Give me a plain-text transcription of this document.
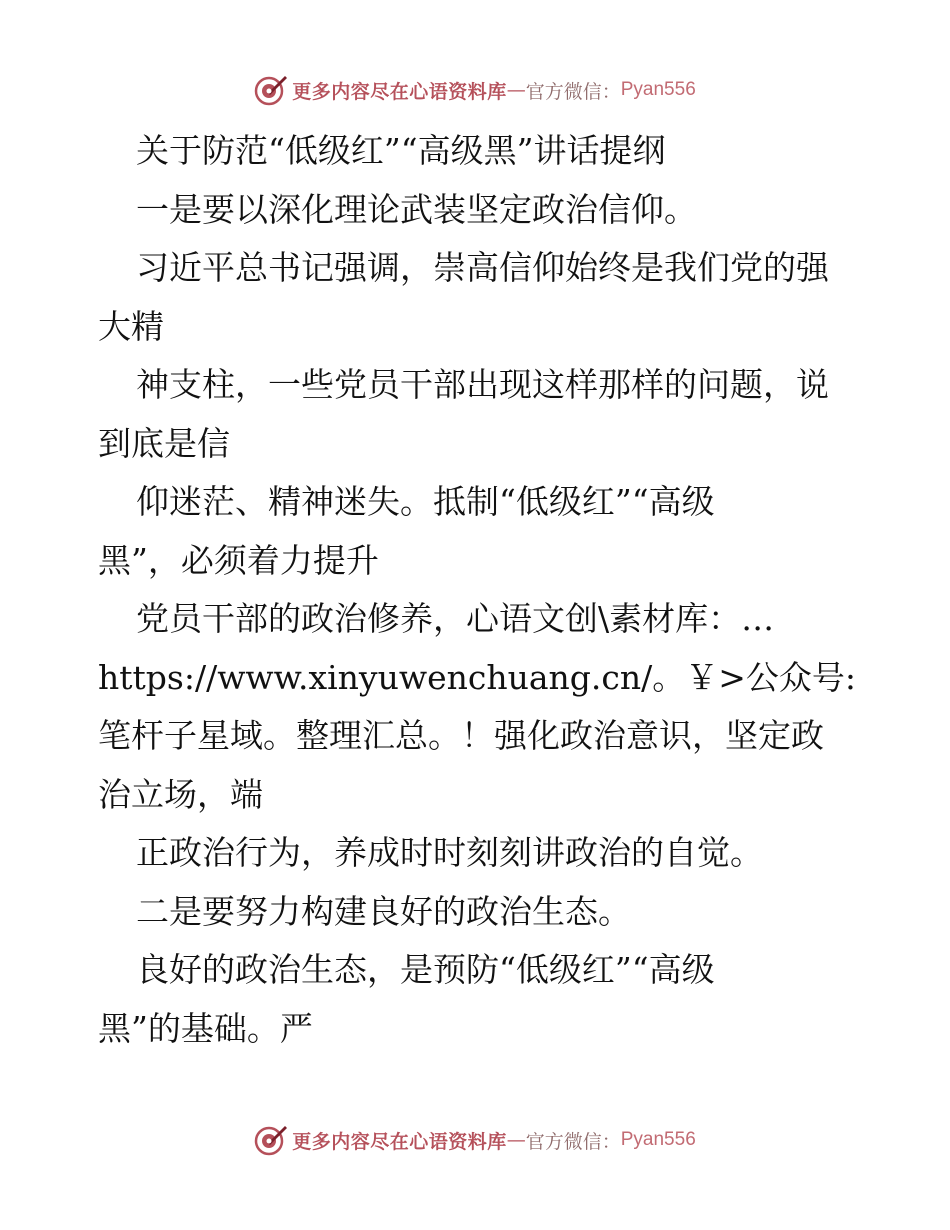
更多内容尽在心语资料库 — 官方微信： Pyan556
关于防范“低级红”“高级黑”讲话提纲
一是要以深化理论武装坚定政治信仰。
习近平总书记强调，崇高信仰始终是我们党的强
大精
神支柱，一些党员干部出现这样那样的问题，说
到底是信
仰迷茫、精神迷失。抵制“低级红”“高级
黑”，必须着力提升
党员干部的政治修养，心语文创\素材库：…
https://www.xinyuwenchuang.cn/。￥>公众号:
笔杆子星域。整理汇总。！强化政治意识，坚定政
治立场，端
正政治行为，养成时时刻刻讲政治的自觉。
二是要努力构建良好的政治生态。
良好的政治生态，是预防“低级红”“高级
黑”的基础。严
更多内容尽在心语资料库 — 官方微信： Pyan556
